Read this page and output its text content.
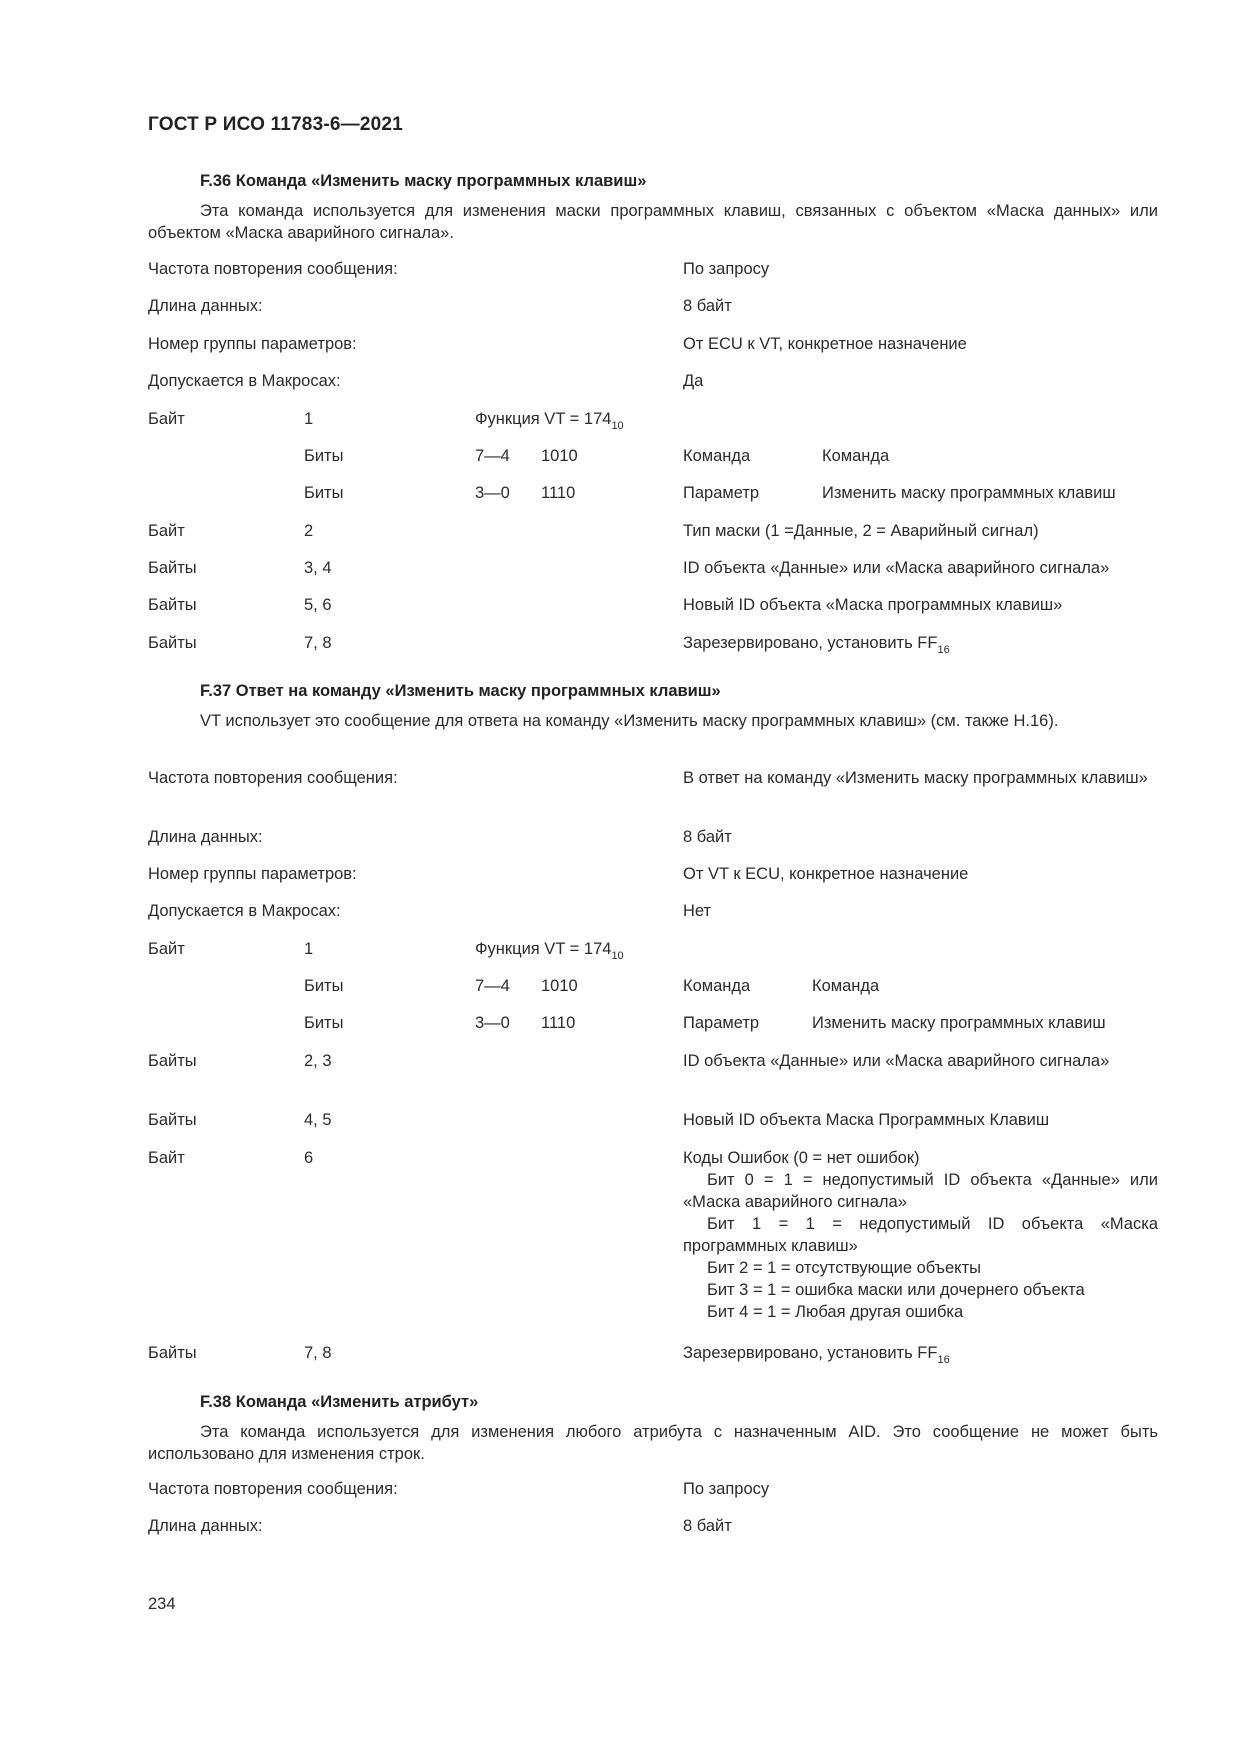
ГОСТ Р ИСО 11783-6—2021
F.36 Команда «Изменить маску программных клавиш»
Эта команда используется для изменения маски программных клавиш, связанных с объектом «Маска данных» или объектом «Маска аварийного сигнала».
Частота повторения сообщения:	По запросу
Длина данных:	8 байт
Номер группы параметров:	От ECU к VT, конкретное назначение
Допускается в Макросах:	Да
Байт	1	Функция VT = $174_{10}$
Биты	7—4 1010	Команда	Команда
Биты	3—0 1110	Параметр	Изменить маску программных клавиш
Байт	2	Тип маски (1 =Данные, 2 = Аварийный сигнал)
Байты	3, 4	ID объекта «Данные» или «Маска аварийного сигнала»
Байты	5, 6	Новый ID объекта «Маска программных клавиш»
Байты	7, 8	Зарезервировано, установить $FF_{16}$
F.37 Ответ на команду «Изменить маску программных клавиш»
VT использует это сообщение для ответа на команду «Изменить маску программных клавиш» (см. также Н.16).
Частота повторения сообщения:	В ответ на команду «Изменить маску программных клавиш»
Длина данных:	8 байт
Номер группы параметров:	От VT к ECU, конкретное назначение
Допускается в Макросах:	Нет
Байт	1	Функция VT = $174_{10}$
Биты	7—4 1010	Команда	Команда
Биты	3—0 1110	Параметр	Изменить маску программных клавиш
Байты	2, 3	ID объекта «Данные» или «Маска аварийного сигнала»
Байты	4, 5	Новый ID объекта Маска Программных Клавиш
Байт	6	Коды Ошибок (0 = нет ошибок)
Бит 0 = 1 = недопустимый ID объекта «Данные» или «Маска аварийного сигнала»
Бит 1 = 1 = недопустимый ID объекта «Маска программных клавиш»
Бит 2 = 1 = отсутствующие объекты
Бит 3 = 1 = ошибка маски или дочернего объекта
Бит 4 = 1 = Любая другая ошибка
Байты	7, 8	Зарезервировано, установить $FF_{16}$
F.38 Команда «Изменить атрибут»
Эта команда используется для изменения любого атрибута с назначенным AID. Это сообщение не может быть использовано для изменения строк.
Частота повторения сообщения:	По запросу
Длина данных:	8 байт
234
